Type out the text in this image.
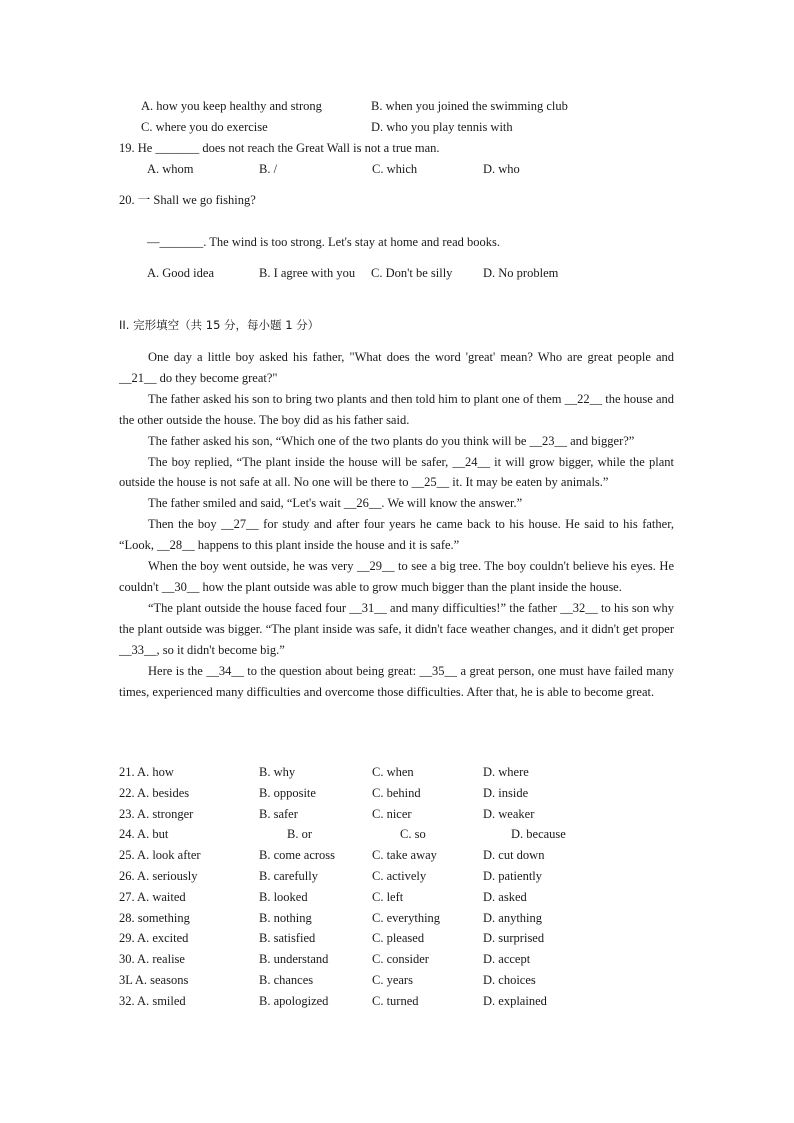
A. how you keep healthy and strong	B. when you joined the swimming club
C. where you do exercise	D. who you play tennis with
19. He _______ does not reach the Great Wall is not a true man.
A. whom	B. /	C. which	D. who
20. 一 Shall we go fishing?
—_______. The wind is too strong. Let's stay at home and read books.
A. Good idea	B. I agree with you C. Don't be silly D. No problem
II. 完形填空（共 15 分，每小题 1 分）

One day a little boy asked his father, "What does the word 'great' mean? Who are great people and __21__ do they become great?"

The father asked his son to bring two plants and then told him to plant one of them __22__ the house and the other outside the house. The boy did as his father said.

The father asked his son, “Which one of the two plants do you think will be __23__ and bigger?”

The boy replied, “The plant inside the house will be safer, __24__ it will grow bigger, while the plant outside the house is not safe at all. No one will be there to __25__ it. It may be eaten by animals.”

The father smiled and said, “Let's wait __26__. We will know the answer.”

Then the boy __27__ for study and after four years he came back to his house. He said to his father, “Look, __28__ happens to this plant inside the house and it is safe.”

When the boy went outside, he was very __29__ to see a big tree. The boy couldn't believe his eyes. He couldn't __30__ how the plant outside was able to grow much bigger than the plant inside the house.

“The plant outside the house faced four __31__ and many difficulties!” the father __32__ to his son why the plant outside was bigger. “The plant inside was safe, it didn't face weather changes, and it didn't get proper __33__, so it didn't become big.”

Here is the __34__ to the question about being great: __35__ a great person, one must have failed many times, experienced many difficulties and overcome those difficulties. After that, he is able to become great.

21. A. how	B. why	C. when	D. where
22. A. besides	B. opposite	C. behind	D. inside
23. A. stronger	B. safer	C. nicer	D. weaker
24. A. but	B. or	C. so	D. because
25. A. look after	B. come across	C. take away	D. cut down
26. A. seriously	B. carefully	C. actively	D. patiently
27. A. waited	B. looked	C. left	D. asked
28. something	B. nothing	C. everything	D. anything
29. A. excited	B. satisfied	C. pleased	D. surprised
30. A. realise	B. understand	C. consider	D. accept
3L A. seasons	B. chances	C. years	D. choices
32. A. smiled	B. apologized	C. turned	D. explained
